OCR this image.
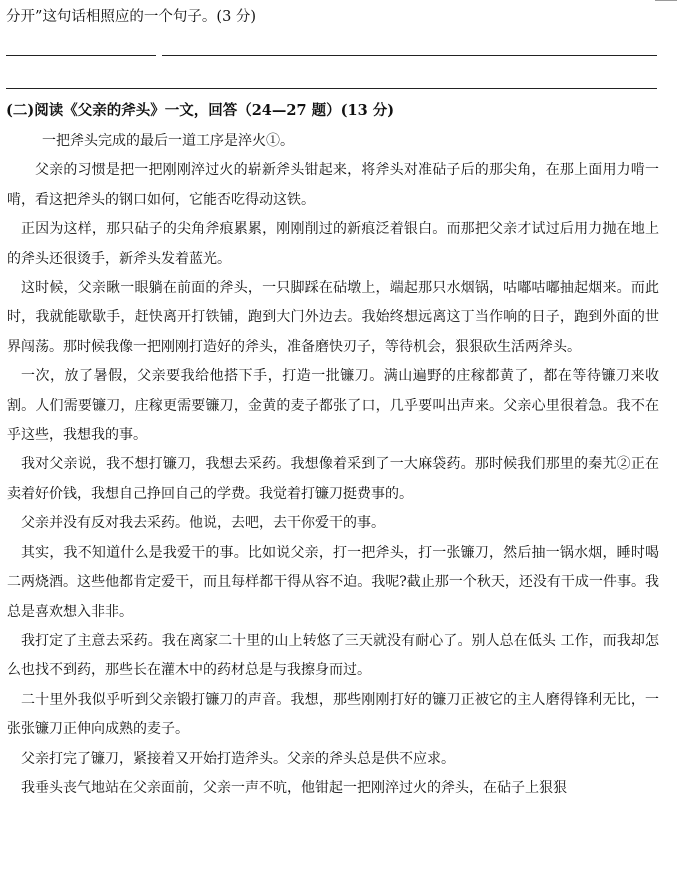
分开”这句话相照应的一个句子。(3 分)
(二)阅读《父亲的斧头》一文，回答（24—27 题）(13 分)

一把斧头完成的最后一道工序是淬火①。

父亲的习惯是把一把刚刚淬过火的崭新斧头钳起来，将斧头对准砧子后的那尖角，在那上面用力啃一啃，看这把斧头的钢口如何，它能否吃得动这铁。

正因为这样，那只砧子的尖角斧痕累累，刚刚削过的新痕泛着银白。而那把父亲才试过后用力抛在地上的斧头还很烫手，新斧头发着蓝光。

这时候，父亲瞅一眼躺在前面的斧头，一只脚踩在砧墩上，端起那只水烟锅，咕嘟咕嘟抽起烟来。而此时，我就能歇歇手，赶快离开打铁铺，跑到大门外边去。我始终想远离这丁当作响的日子，跑到外面的世界闯荡。那时候我像一把刚刚打造好的斧头，准备磨快刃子，等待机会，狠狠砍生活两斧头。

一次，放了暑假，父亲要我给他搭下手，打造一批镰刀。满山遍野的庄稼都黄了，都在等待镰刀来收割。人们需要镰刀，庄稼更需要镰刀，金黄的麦子都张了口，几乎要叫出声来。父亲心里很着急。我不在乎这些，我想我的事。

我对父亲说，我不想打镰刀，我想去采药。我想像着采到了一大麻袋药。那时候我们那里的秦艽②正在卖着好价钱，我想自己挣回自己的学费。我觉着打镰刀挺费事的。

父亲并没有反对我去采药。他说，去吧，去干你爱干的事。

其实，我不知道什么是我爱干的事。比如说父亲，打一把斧头，打一张镰刀，然后抽一锅水烟，睡时喝二两烧酒。这些他都肯定爱干，而且每样都干得从容不迫。我呢?截止那一个秋天，还没有干成一件事。我总是喜欢想入非非。

我打定了主意去采药。我在离家二十里的山上转悠了三天就没有耐心了。别人总在低头 工作，而我却怎么也找不到药，那些长在灌木中的药材总是与我擦身而过。

二十里外我似乎听到父亲锻打镰刀的声音。我想，那些刚刚打好的镰刀正被它的主人磨得锋利无比，一张张镰刀正伸向成熟的麦子。

父亲打完了镰刀，紧接着又开始打造斧头。父亲的斧头总是供不应求。

我垂头丧气地站在父亲面前，父亲一声不吭，他钳起一把刚淬过火的斧头，在砧子上狠狠
